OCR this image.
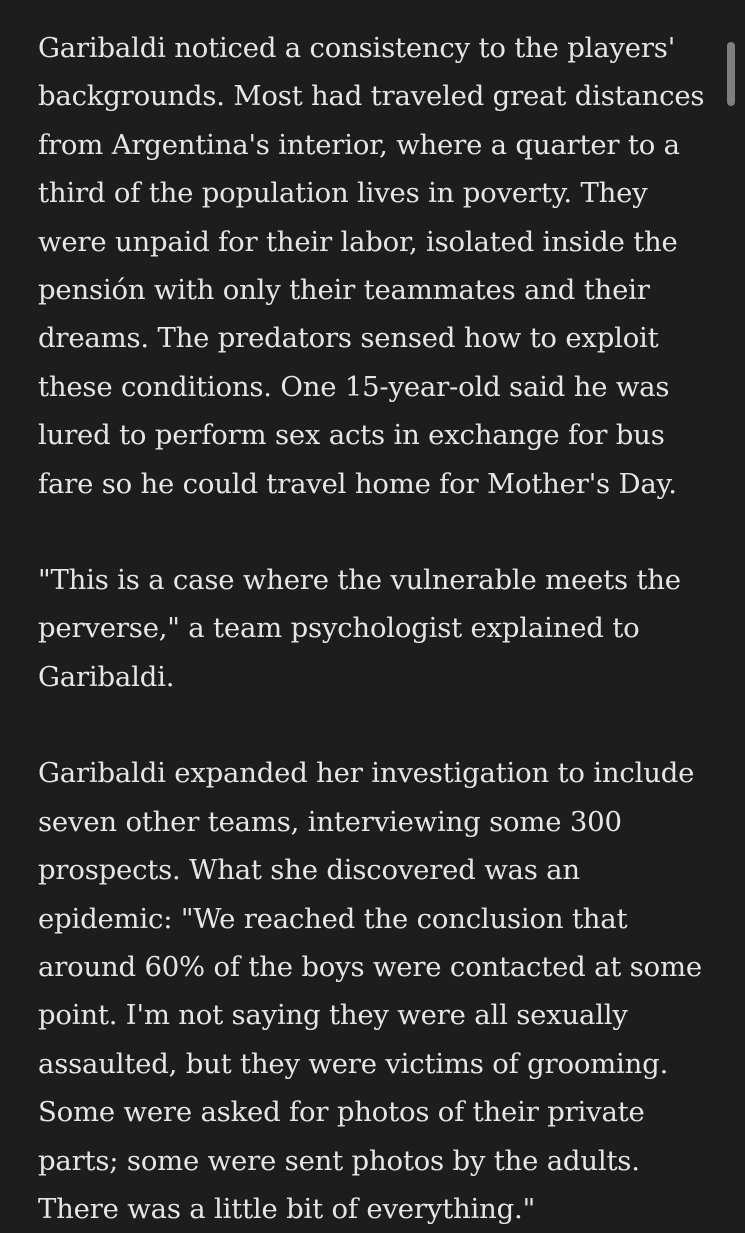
Garibaldi noticed a consistency to the players' backgrounds. Most had traveled great distances from Argentina's interior, where a quarter to a third of the population lives in poverty. They were unpaid for their labor, isolated inside the pensión with only their teammates and their dreams. The predators sensed how to exploit these conditions. One 15-year-old said he was lured to perform sex acts in exchange for bus fare so he could travel home for Mother's Day.

"This is a case where the vulnerable meets the perverse," a team psychologist explained to Garibaldi.

Garibaldi expanded her investigation to include seven other teams, interviewing some 300 prospects. What she discovered was an epidemic: "We reached the conclusion that around 60% of the boys were contacted at some point. I'm not saying they were all sexually assaulted, but they were victims of grooming. Some were asked for photos of their private parts; some were sent photos by the adults. There was a little bit of everything."
